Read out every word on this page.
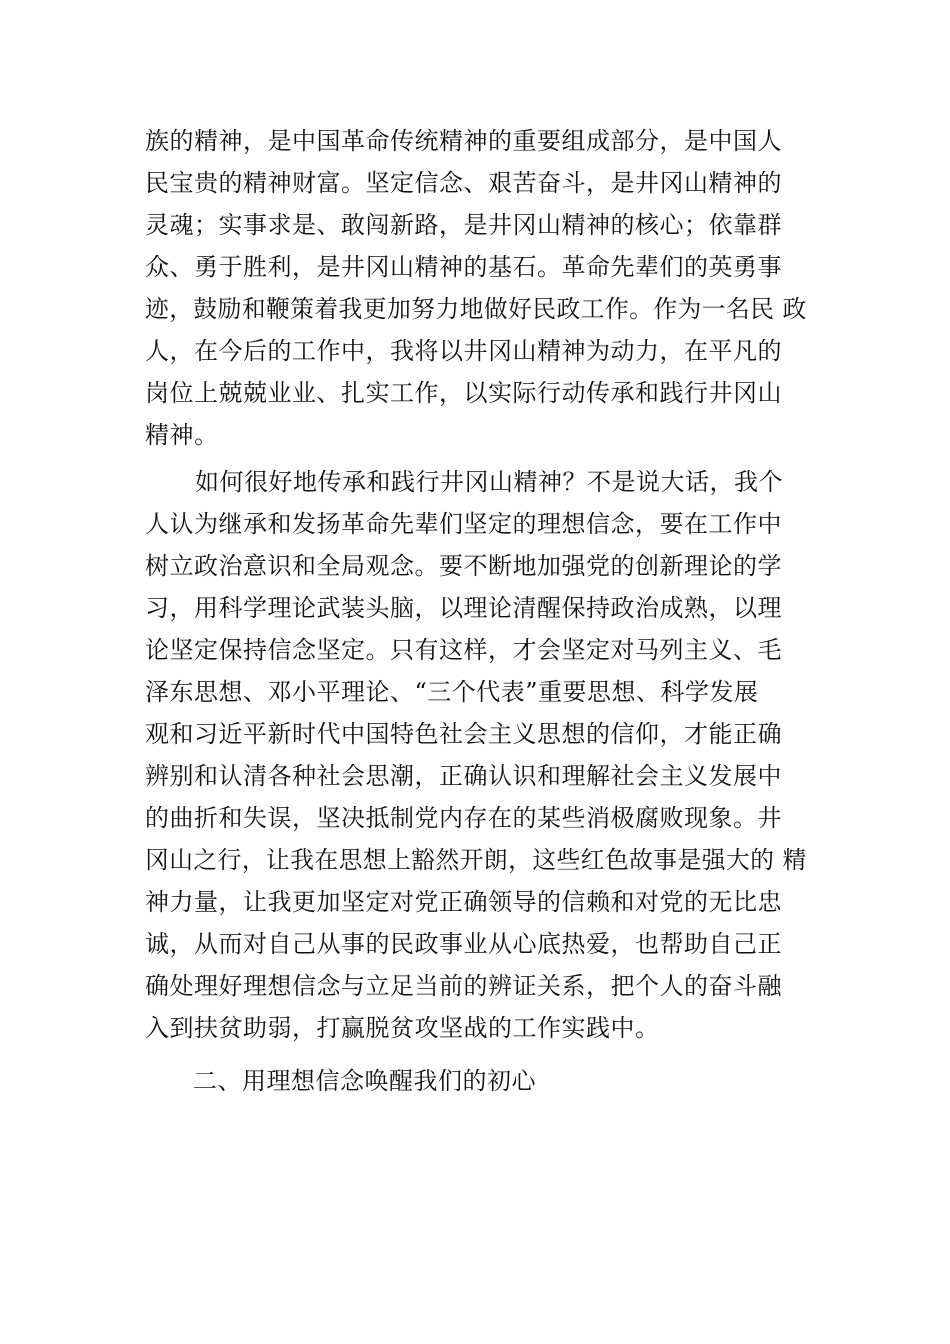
族的精神，是中国革命传统精神的重要组成部分，是中国人
民宝贵的精神财富。坚定信念、艰苦奋斗，是井冈山精神的
灵魂；实事求是、敢闯新路，是井冈山精神的核心；依靠群
众、勇于胜利，是井冈山精神的基石。革命先辈们的英勇事
迹，鼓励和鞭策着我更加努力地做好民政工作。作为一名民 政
人，在今后的工作中，我将以井冈山精神为动力，在平凡的
岗位上兢兢业业、扎实工作，以实际行动传承和践行井冈山
精神。
如何很好地传承和践行井冈山精神？不是说大话，我个
人认为继承和发扬革命先辈们坚定的理想信念，要在工作中
树立政治意识和全局观念。要不断地加强党的创新理论的学
习，用科学理论武装头脑，以理论清醒保持政治成熟，以理
论坚定保持信念坚定。只有这样，才会坚定对马列主义、毛
泽东思想、邓小平理论、“三个代表”重要思想、科学发展
观和习近平新时代中国特色社会主义思想的信仰，才能正确
辨别和认清各种社会思潮，正确认识和理解社会主义发展中
的曲折和失误，坚决抵制党内存在的某些消极腐败现象。井
冈山之行，让我在思想上豁然开朗，这些红色故事是强大的 精
神力量，让我更加坚定对党正确领导的信赖和对党的无比忠
诚，从而对自己从事的民政事业从心底热爱，也帮助自己正
确处理好理想信念与立足当前的辨证关系，把个人的奋斗融
入到扶贫助弱，打赢脱贫攻坚战的工作实践中。
二、用理想信念唤醒我们的初心
